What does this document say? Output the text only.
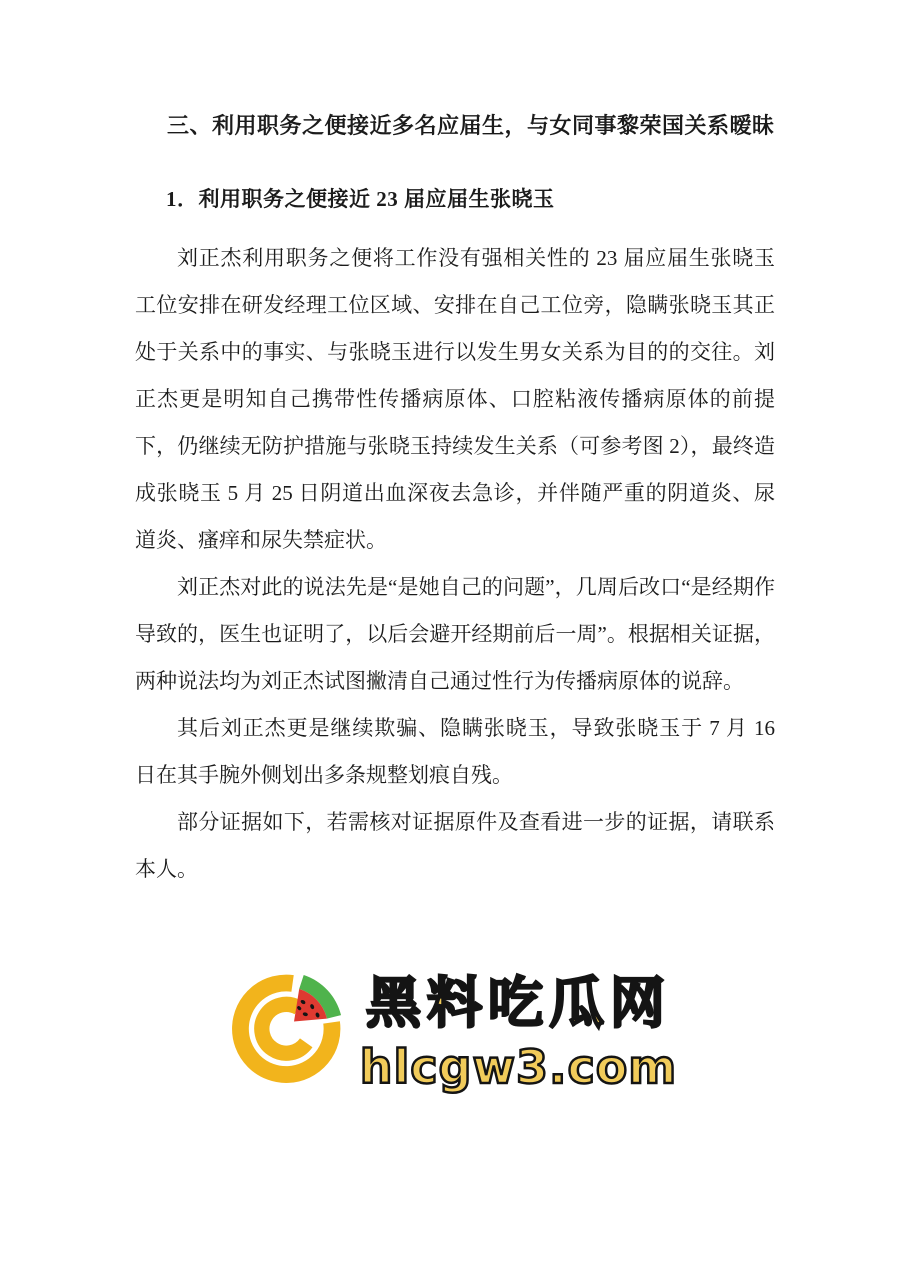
三、利用职务之便接近多名应届生，与女同事黎荣国关系暧昧
1．利用职务之便接近 23 届应届生张晓玉

刘正杰利用职务之便将工作没有强相关性的 23 届应届生张晓玉工位安排在研发经理工位区域、安排在自己工位旁，隐瞒张晓玉其正处于关系中的事实、与张晓玉进行以发生男女关系为目的的交往。刘正杰更是明知自己携带性传播病原体、口腔粘液传播病原体的前提下，仍继续无防护措施与张晓玉持续发生关系（可参考图 2），最终造成张晓玉 5 月 25 日阴道出血深夜去急诊，并伴随严重的阴道炎、尿道炎、瘙痒和尿失禁症状。

刘正杰对此的说法先是“是她自己的问题”，几周后改口“是经期作导致的，医生也证明了，以后会避开经期前后一周”。根据相关证据，两种说法均为刘正杰试图撇清自己通过性行为传播病原体的说辞。

其后刘正杰更是继续欺骗、隐瞒张晓玉，导致张晓玉于 7 月 16 日在其手腕外侧划出多条规整划痕自残。

部分证据如下，若需核对证据原件及查看进一步的证据，请联系本人。

黑料吃瓜网
hlcgw3.com
